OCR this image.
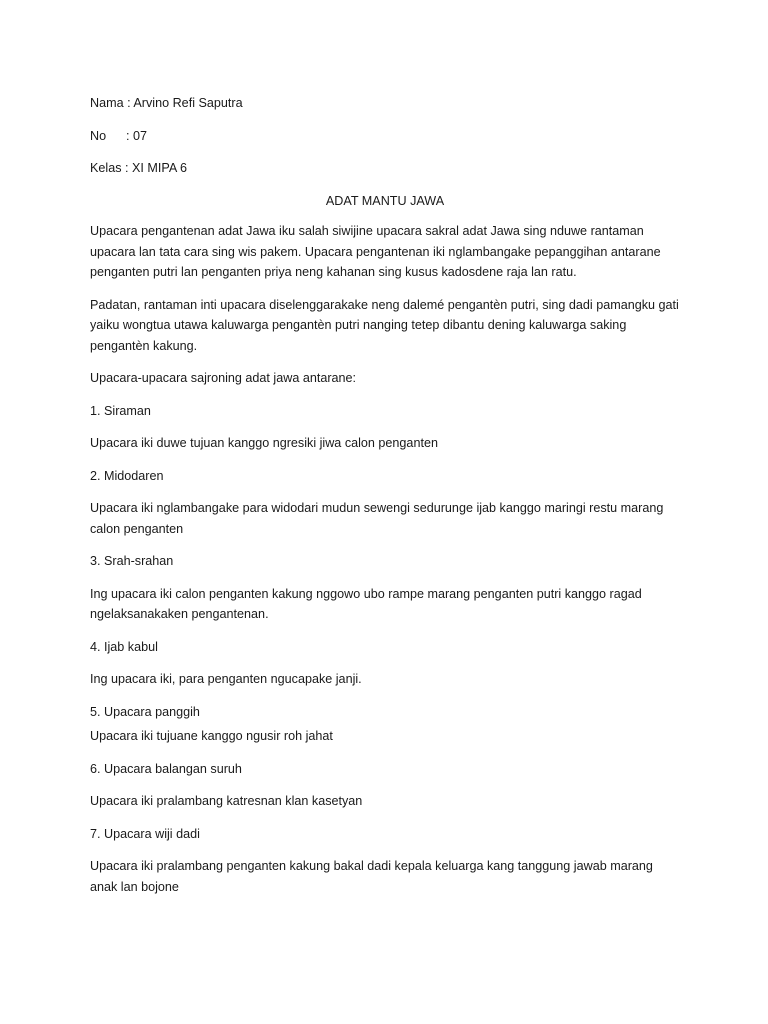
Nama : Arvino Refi Saputra

No	: 07

Kelas : XI MIPA 6

ADAT MANTU JAWA

Upacara pengantenan adat Jawa iku salah siwijine upacara sakral adat Jawa sing nduwe rantaman upacara lan tata cara sing wis pakem. Upacara pengantenan iki nglambangake pepanggihan antarane penganten putri lan penganten priya neng kahanan sing kusus kadosdene raja lan ratu.

Padatan, rantaman inti upacara diselenggarakake neng dalemé pengantèn putri, sing dadi pamangku gati yaiku wongtua utawa kaluwarga pengantèn putri nanging tetep dibantu dening kaluwarga saking pengantèn kakung.

Upacara-upacara sajroning adat jawa antarane:

1. Siraman

Upacara iki duwe tujuan kanggo ngresiki jiwa calon penganten

2. Midodaren

Upacara iki nglambangake para widodari mudun sewengi sedurunge ijab kanggo maringi restu marang calon penganten

3. Srah-srahan

Ing upacara iki calon penganten kakung nggowo ubo rampe marang penganten putri kanggo ragad ngelaksanakaken pengantenan.

4. Ijab kabul

Ing upacara iki, para penganten ngucapake janji.

5. Upacara panggih

Upacara iki tujuane kanggo ngusir roh jahat

6. Upacara balangan suruh

Upacara iki pralambang katresnan klan kasetyan

7. Upacara wiji dadi

Upacara iki pralambang penganten kakung bakal dadi kepala keluarga kang tanggung jawab marang anak lan bojone
